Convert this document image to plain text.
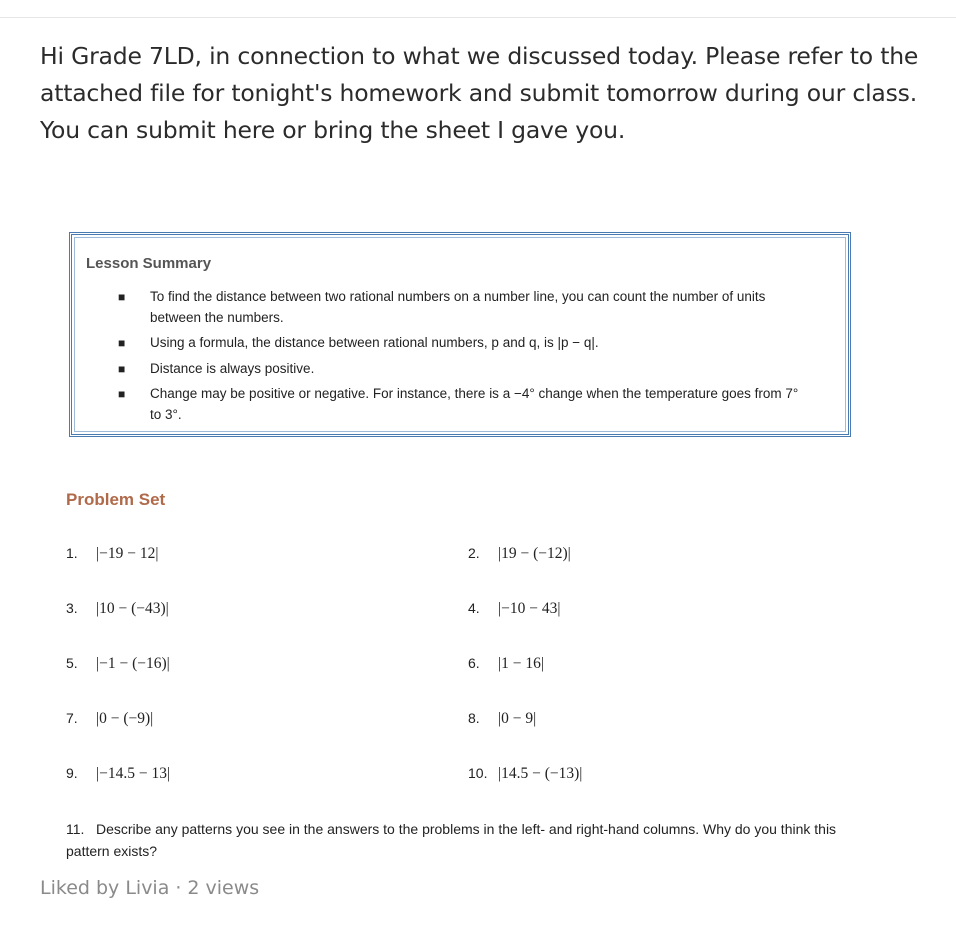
Hi Grade 7LD, in connection to what we discussed today. Please refer to the attached file for tonight's homework and submit tomorrow during our class. You can submit here or bring the sheet I gave you.
Lesson Summary
■ To find the distance between two rational numbers on a number line, you can count the number of units between the numbers.
■ Using a formula, the distance between rational numbers, p and q, is |p − q|.
■ Distance is always positive.
■ Change may be positive or negative. For instance, there is a −4° change when the temperature goes from 7° to 3°.
Problem Set
1. |−19 − 12|	2. |19 − (−12)|
3. |10 − (−43)|	4. |−10 − 43|
5. |−1 − (−16)|	6. |1 − 16|
7. |0 − (−9)|	8. |0 − 9|
9. |−14.5 − 13|	10. |14.5 − (−13)|
11. Describe any patterns you see in the answers to the problems in the left- and right-hand columns. Why do you think this pattern exists?
Liked by Livia · 2 views
